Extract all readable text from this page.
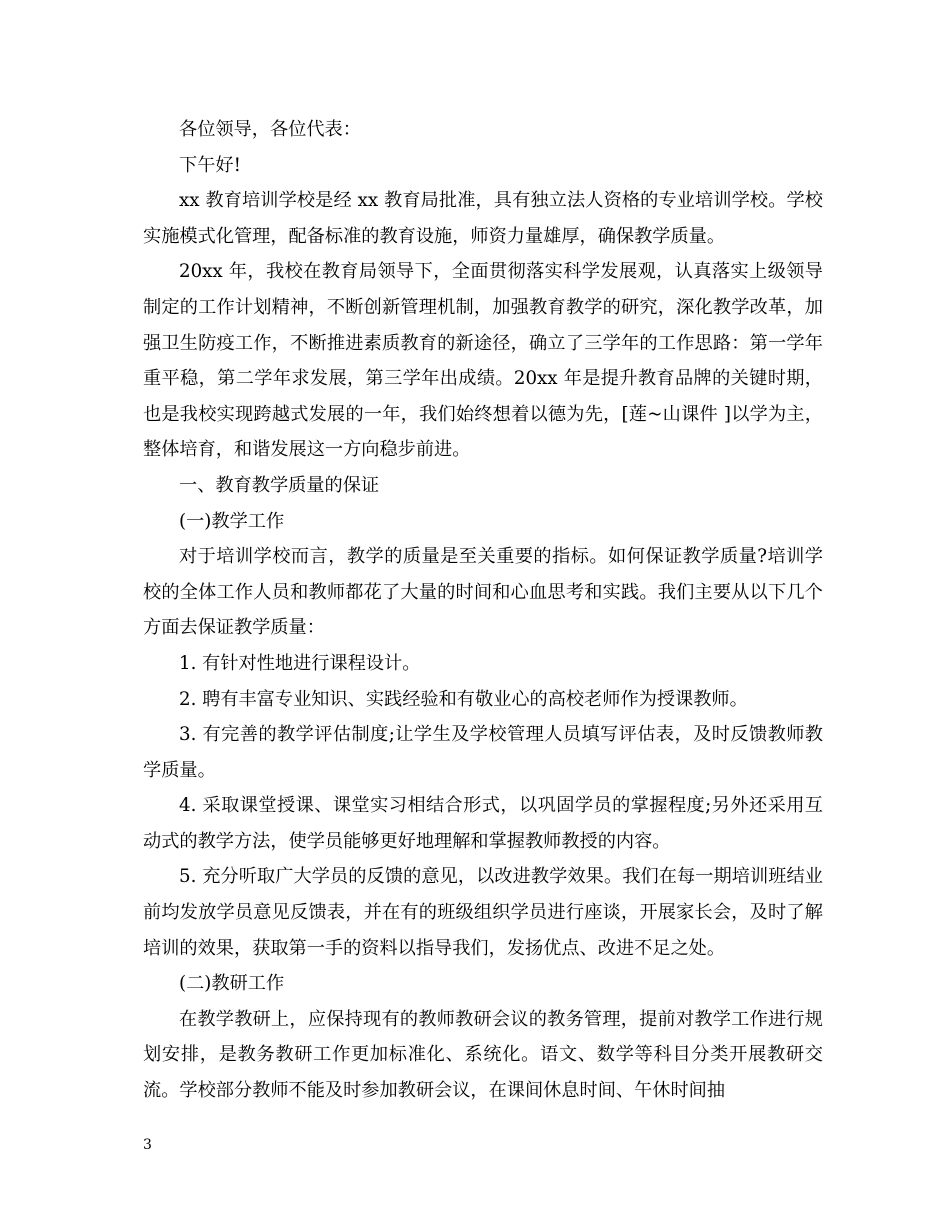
各位领导，各位代表：

下午好!

xx 教育培训学校是经 xx 教育局批准，具有独立法人资格的专业培训学校。学校实施模式化管理，配备标准的教育设施，师资力量雄厚，确保教学质量。

20xx 年，我校在教育局领导下，全面贯彻落实科学发展观，认真落实上级领导制定的工作计划精神，不断创新管理机制，加强教育教学的研究，深化教学改革，加强卫生防疫工作，不断推进素质教育的新途径，确立了三学年的工作思路：第一学年重平稳，第二学年求发展，第三学年出成绩。20xx 年是提升教育品牌的关键时期，也是我校实现跨越式发展的一年，我们始终想着以德为先，[莲~山课件 ]以学为主，整体培育，和谐发展这一方向稳步前进。

一、教育教学质量的保证

(一)教学工作

对于培训学校而言，教学的质量是至关重要的指标。如何保证教学质量?培训学校的全体工作人员和教师都花了大量的时间和心血思考和实践。我们主要从以下几个方面去保证教学质量：

1. 有针对性地进行课程设计。

2. 聘有丰富专业知识、实践经验和有敬业心的高校老师作为授课教师。

3. 有完善的教学评估制度;让学生及学校管理人员填写评估表，及时反馈教师教学质量。

4. 采取课堂授课、课堂实习相结合形式，以巩固学员的掌握程度;另外还采用互动式的教学方法，使学员能够更好地理解和掌握教师教授的内容。

5. 充分听取广大学员的反馈的意见，以改进教学效果。我们在每一期培训班结业前均发放学员意见反馈表，并在有的班级组织学员进行座谈，开展家长会，及时了解培训的效果，获取第一手的资料以指导我们，发扬优点、改进不足之处。

(二)教研工作

在教学教研上，应保持现有的教师教研会议的教务管理，提前对教学工作进行规划安排，是教务教研工作更加标准化、系统化。语文、数学等科目分类开展教研交流。学校部分教师不能及时参加教研会议，在课间休息时间、午休时间抽

3
